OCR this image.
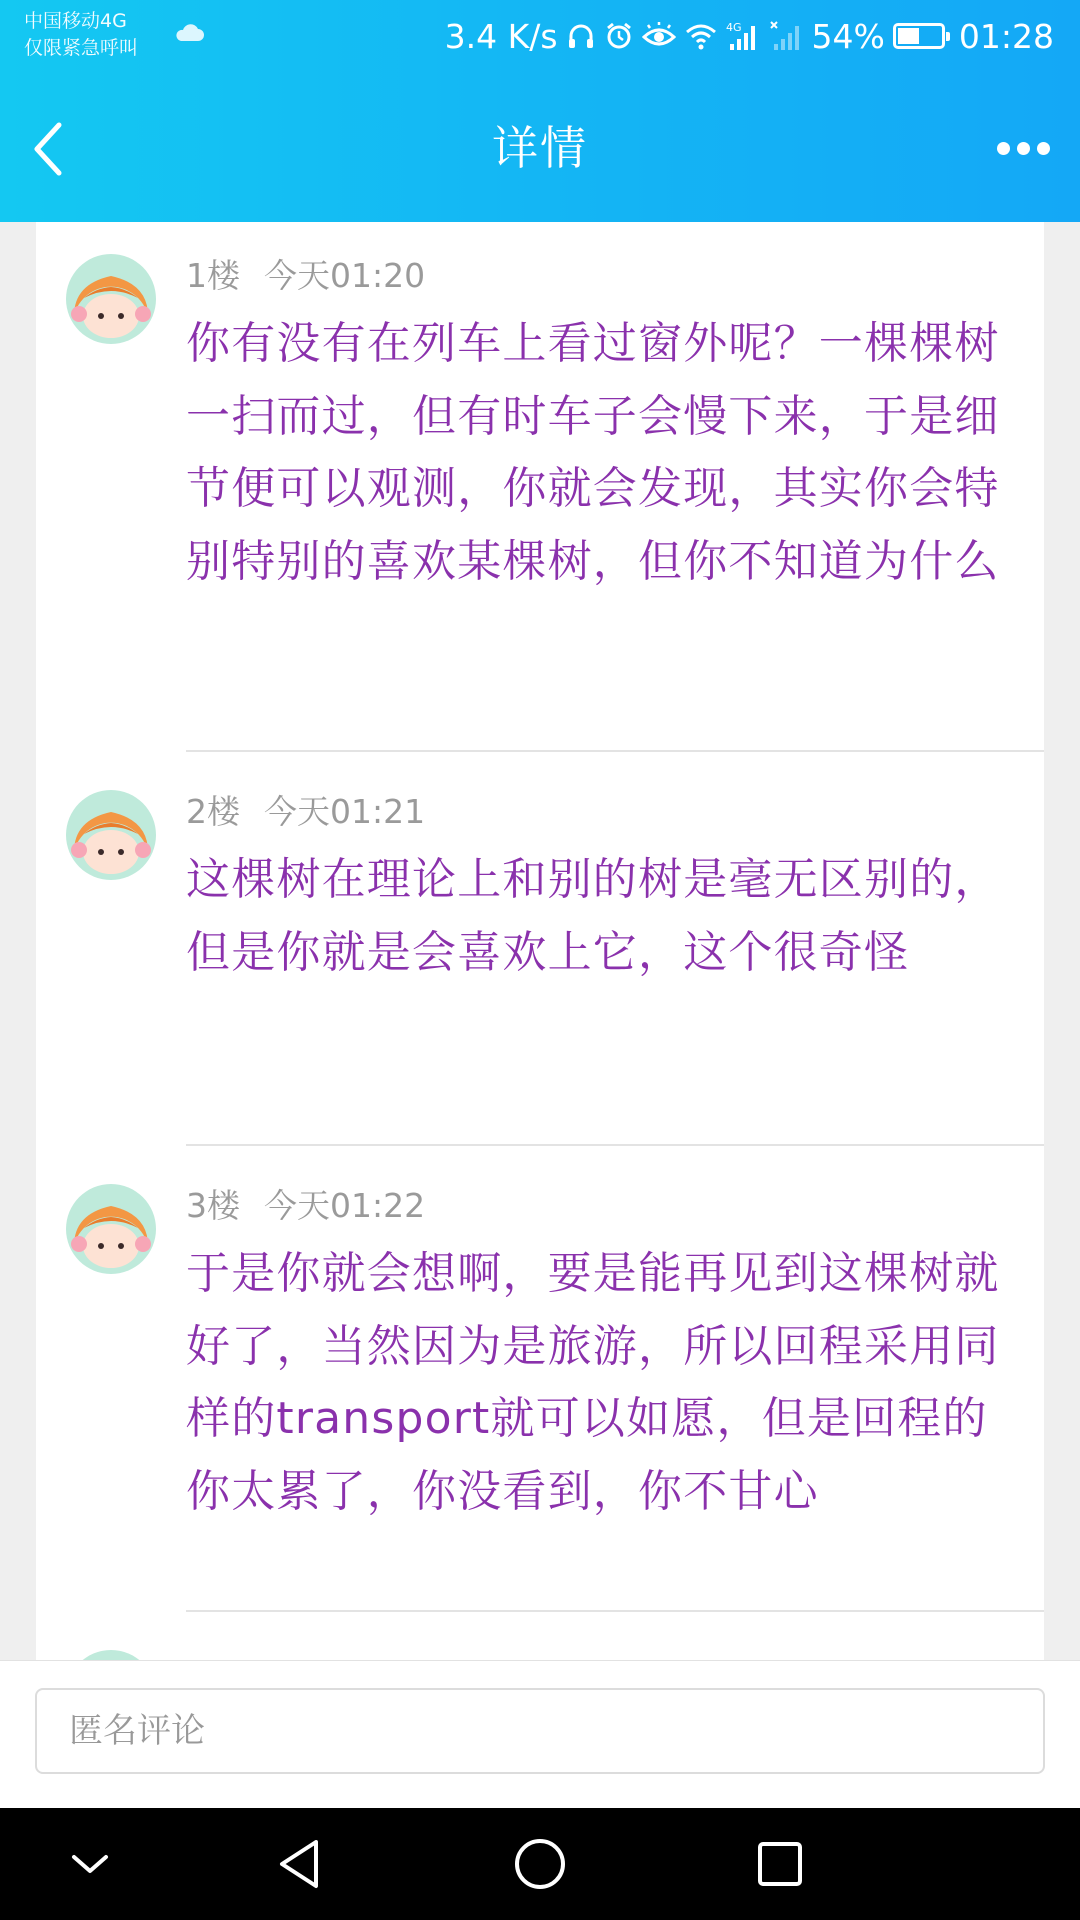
中国移动4G
仅限紧急呼叫	3.4 K/s	4G 54% 01:28
详情
1楼 今天01:20
你有没有在列车上看过窗外呢？一棵棵树一扫而过，但有时车子会慢下来，于是细节便可以观测，你就会发现，其实你会特别特别的喜欢某棵树，但你不知道为什么
2楼 今天01:21
这棵树在理论上和别的树是毫无区别的，但是你就是会喜欢上它，这个很奇怪
3楼 今天01:22
于是你就会想啊，要是能再见到这棵树就好了，当然因为是旅游，所以回程采用同样的transport就可以如愿，但是回程的你太累了，你没看到，你不甘心
匿名评论
